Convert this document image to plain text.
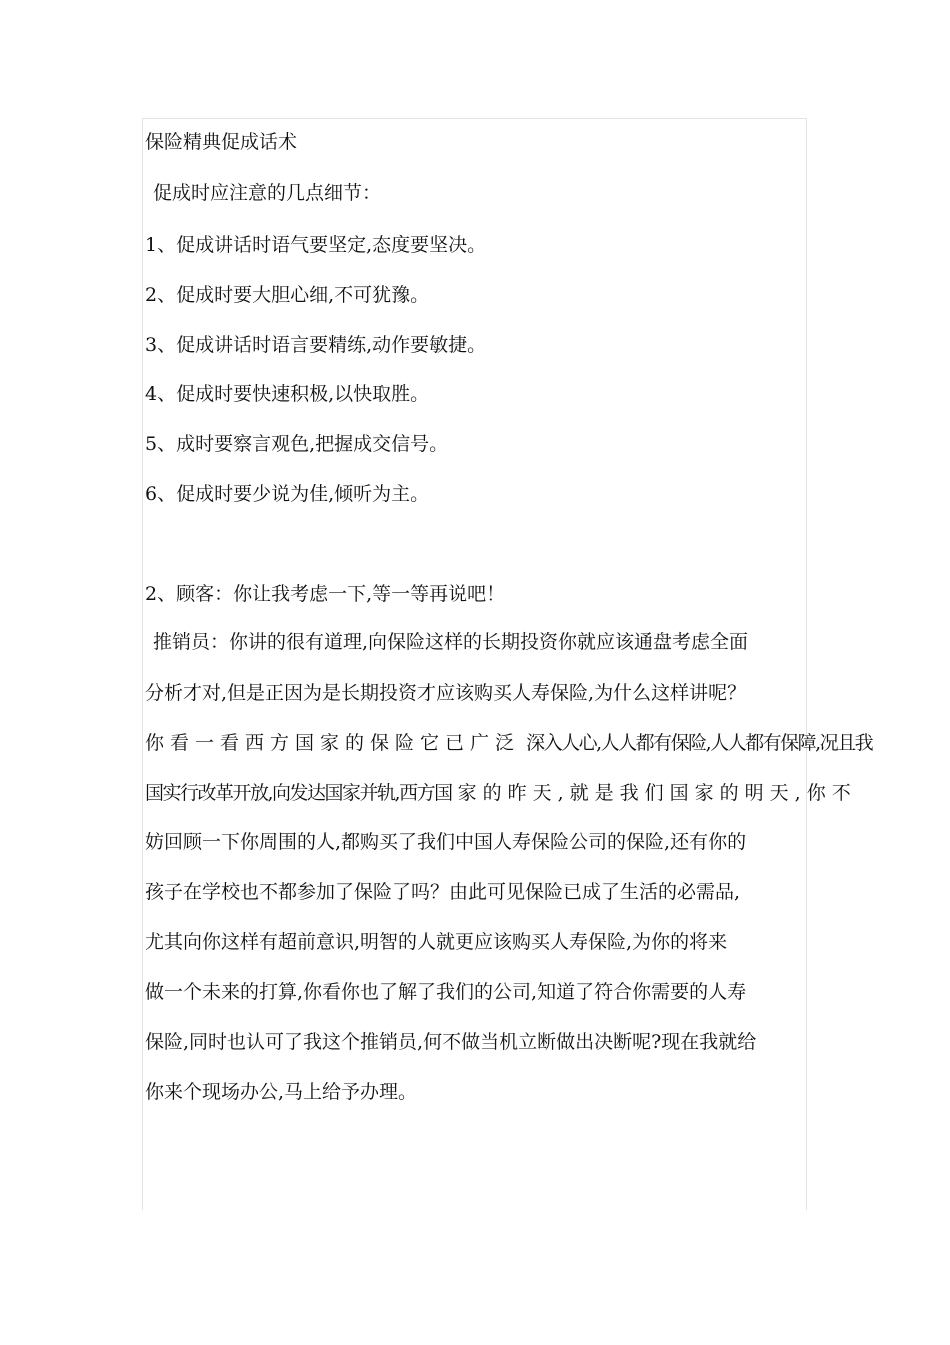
保险精典促成话术
促成时应注意的几点细节：
1、促成讲话时语气要坚定,态度要坚决。
2、促成时要大胆心细,不可犹豫。
3、促成讲话时语言要精练,动作要敏捷。
4、促成时要快速积极,以快取胜。
5、成时要察言观色,把握成交信号。
6、促成时要少说为佳,倾听为主。
2、顾客：你让我考虑一下,等一等再说吧！
推销员：你讲的很有道理,向保险这样的长期投资你就应该通盘考虑全面
分析才对,但是正因为是长期投资才应该购买人寿保险,为什么这样讲呢？
你看一看西方国家的保险它已广泛 深入人心,人人都有保险,人人都有保障,况且我
国实行改革开放,向发达国家并轨,西方国 家的昨天,就是我们国家的明天,你不
妨回顾一下你周围的人,都购买了我们中国人寿保险公司的保险,还有你的
孩子在学校也不都参加了保险了吗？由此可见保险已成了生活的必需品,
尤其向你这样有超前意识,明智的人就更应该购买人寿保险,为你的将来
做一个未来的打算,你看你也了解了我们的公司,知道了符合你需要的人寿
保险,同时也认可了我这个推销员,何不做当机立断做出决断呢?现在我就给
你来个现场办公,马上给予办理。
